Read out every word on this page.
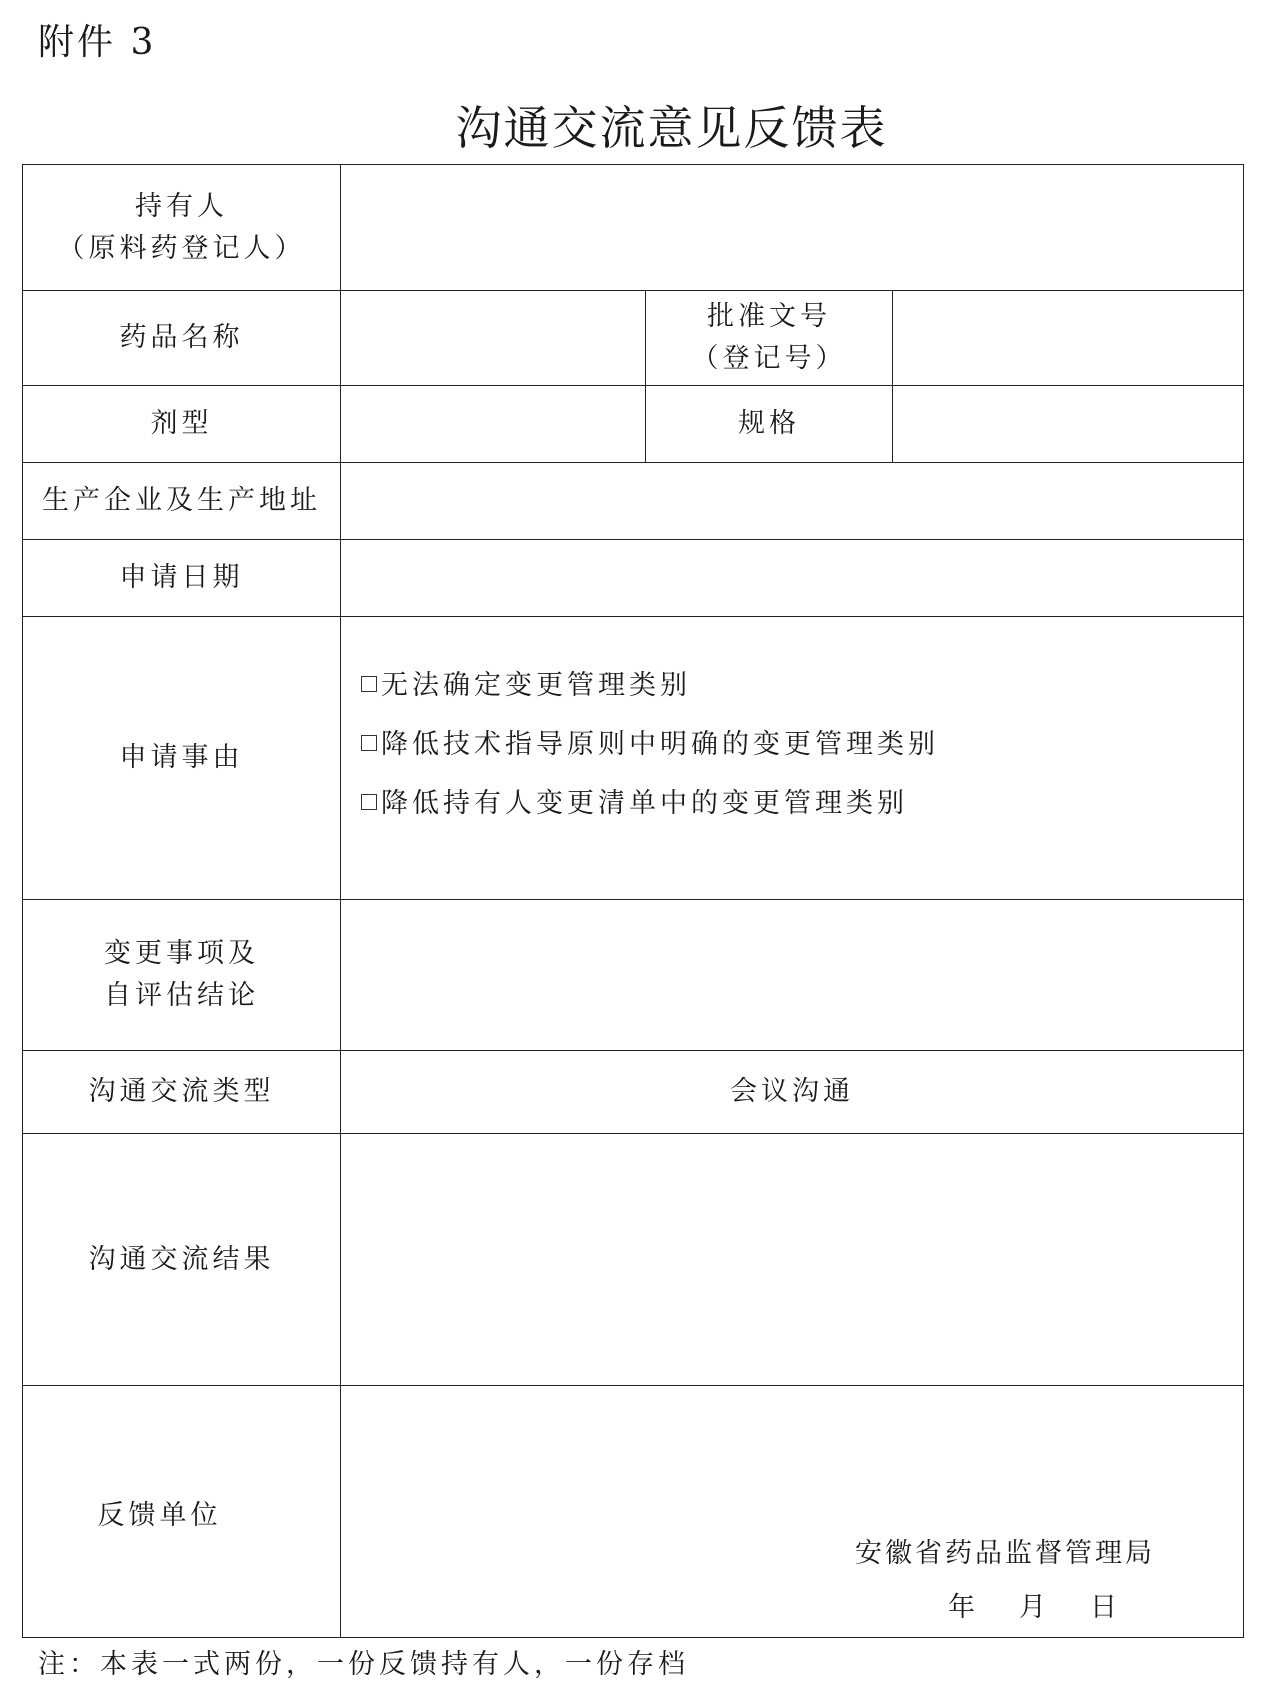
附件 3
沟通交流意见反馈表
持有人
（原料药登记人）			

药品名称		批准文号
（登记号）	

剂型		规格	
生产企业及生产地址			
申请日期			
申请事由	无法确定变更管理类别
降低技术指导原则中明确的变更管理类别
降低持有人变更清单中的变更管理类别		

变更事项及
自评估结论			

沟通交流类型	会议沟通		
沟通交流结果			
反馈单位	安徽省药品监督管理局
年 月 日		
注：本表一式两份，一份反馈持有人，一份存档
